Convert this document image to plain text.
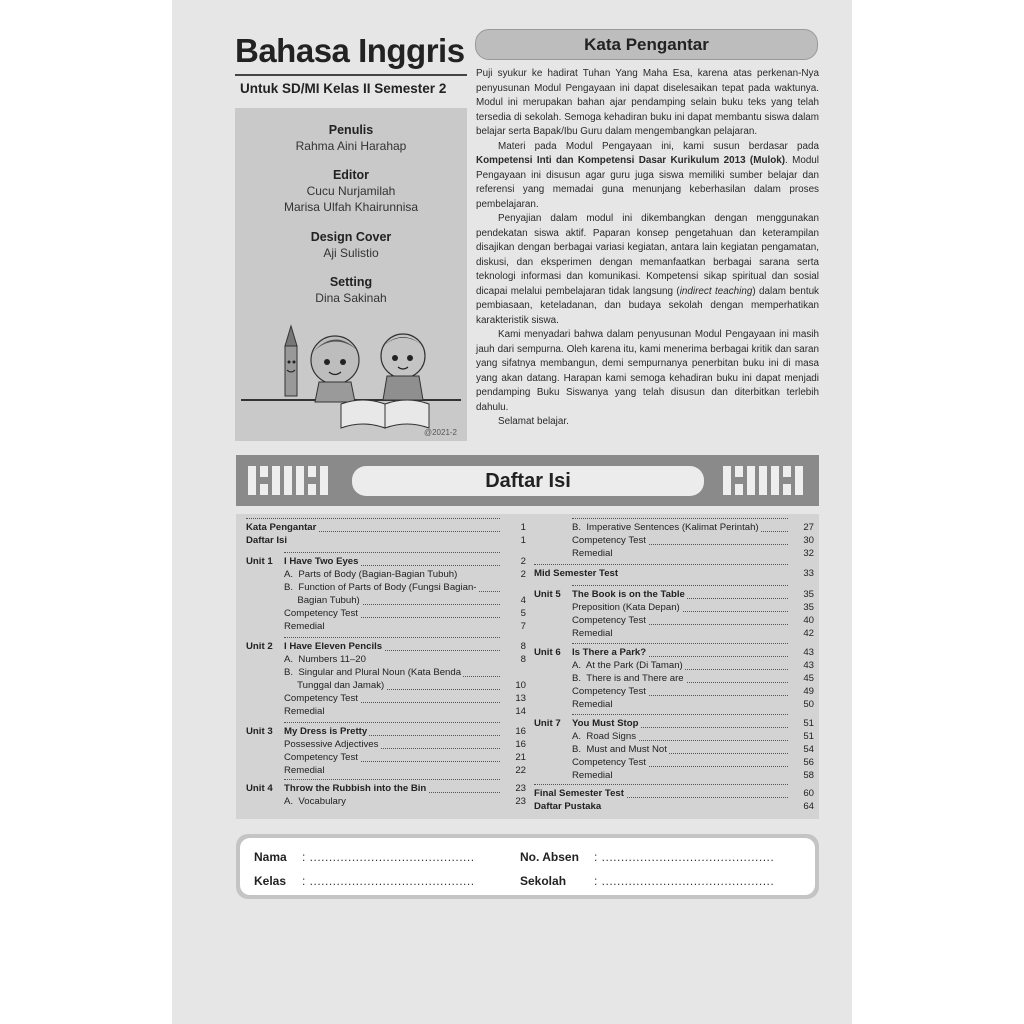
Bahasa Inggris
Untuk SD/MI Kelas II Semester 2
Penulis
Rahma Aini Harahap
Editor
Cucu Nurjamilah
Marisa Ulfah Khairunnisa
Design Cover
Aji Sulistio
Setting
Dina Sakinah
@2021-2
Kata Pengantar

Puji syukur ke hadirat Tuhan Yang Maha Esa, karena atas perkenan-Nya penyusunan Modul Pengayaan ini dapat diselesaikan tepat pada waktunya. Modul ini merupakan bahan ajar pendamping selain buku teks yang telah tersedia di sekolah. Semoga kehadiran buku ini dapat membantu siswa dalam belajar serta Bapak/Ibu Guru dalam mengembangkan pelajaran.

Materi pada Modul Pengayaan ini, kami susun berdasar pada Kompetensi Inti dan Kompetensi Dasar Kurikulum 2013 (Mulok). Modul Pengayaan ini disusun agar guru juga siswa memiliki sumber belajar dan referensi yang memadai guna menunjang keberhasilan dalam proses pembelajaran.

Penyajian dalam modul ini dikembangkan dengan menggunakan pendekatan siswa aktif. Paparan konsep pengetahuan dan keterampilan disajikan dengan berbagai variasi kegiatan, antara lain kegiatan pengamatan, diskusi, dan eksperimen dengan memanfaatkan berbagai sarana serta teknologi informasi dan komunikasi. Kompetensi sikap spiritual dan sosial dicapai melalui pembelajaran tidak langsung (indirect teaching) dalam bentuk pembiasaan, keteladanan, dan budaya sekolah dengan memperhatikan karakteristik siswa.

Kami menyadari bahwa dalam penyusunan Modul Pengayaan ini masih jauh dari sempurna. Oleh karena itu, kami menerima berbagai kritik dan saran yang sifatnya membangun, demi sempurnanya penerbitan buku ini di masa yang akan datang. Harapan kami semoga kehadiran buku ini dapat menjadi pendamping Buku Siswanya yang telah disusun dan diterbitkan terlebih dahulu.

Selamat belajar.

Daftar Isi
Kata Pengantar	1
Daftar Isi	1
Unit 1 I Have Two Eyes	2
A.  Parts of Body (Bagian-Bagian Tubuh)	2
B.  Function of Parts of Body (Fungsi Bagian-
Bagian Tubuh)	4
Competency Test	5
Remedial	7
Unit 2 I Have Eleven Pencils	8
A.  Numbers 11–20	8
B.  Singular and Plural Noun (Kata Benda
Tunggal dan Jamak)	10
Competency Test	13
Remedial	14
Unit 3 My Dress is Pretty	16
Possessive Adjectives	16
Competency Test	21
Remedial	22
Unit 4 Throw the Rubbish into the Bin	23
A.  Vocabulary	23
B.  Imperative Sentences (Kalimat Perintah)	27
Competency Test	30
Remedial	32
Mid Semester Test	33
Unit 5 The Book is on the Table	35
Preposition (Kata Depan)	35
Competency Test	40
Remedial	42
Unit 6 Is There a Park?	43
A.  At the Park (Di Taman)	43
B.  There is and There are	45
Competency Test	49
Remedial	50
Unit 7 You Must Stop	51
A.  Road Signs	51
B.  Must and Must Not	54
Competency Test	56
Remedial	58
Final Semester Test	60
Daftar Pustaka	64
Nama : ...........................................
Kelas : ...........................................
No. Absen : .............................................
Sekolah : .............................................
